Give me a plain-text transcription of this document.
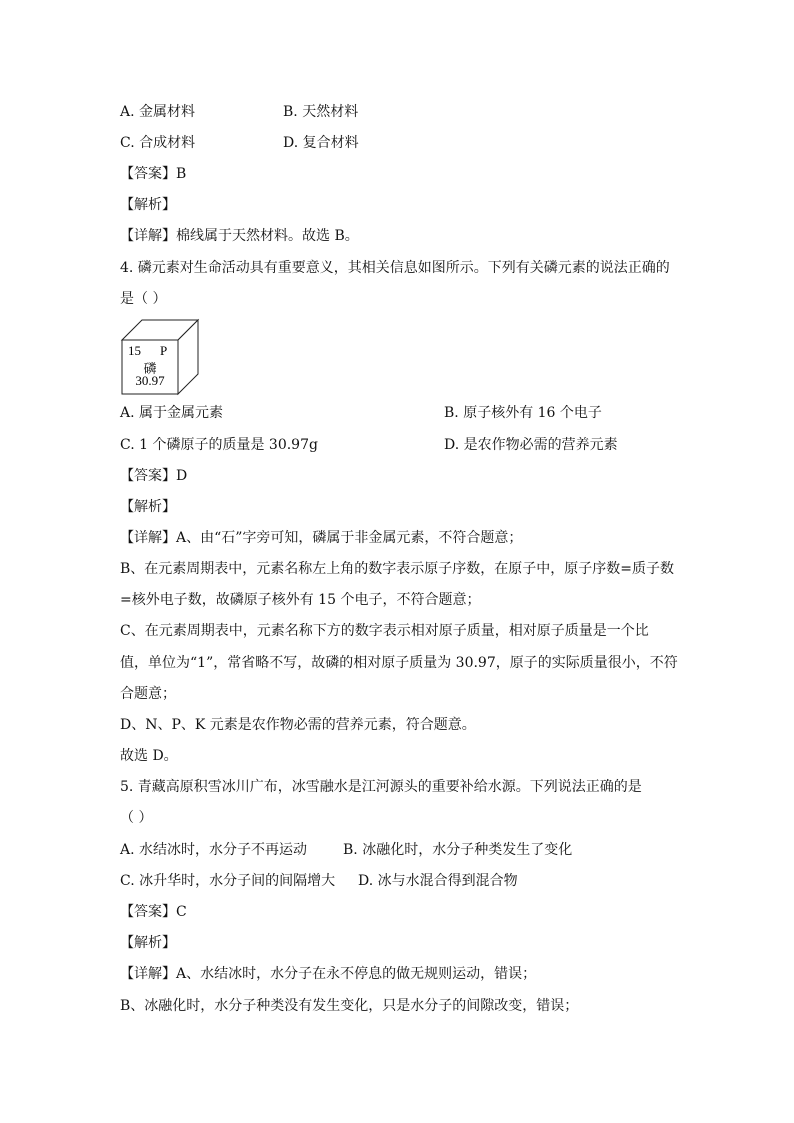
A. 金属材料	B. 天然材料
C. 合成材料	D. 复合材料
【答案】B
【解析】
【详解】棉线属于天然材料。故选 B。
4. 磷元素对生命活动具有重要意义，其相关信息如图所示。下列有关磷元素的说法正确的
是（ ）
15 P
磷
30.97
A. 属于金属元素	B. 原子核外有 16 个电子
C. 1 个磷原子的质量是 30.97g	D. 是农作物必需的营养元素
【答案】D
【解析】
【详解】A、由“石”字旁可知，磷属于非金属元素，不符合题意；
B、在元素周期表中，元素名称左上角的数字表示原子序数，在原子中，原子序数=质子数
=核外电子数，故磷原子核外有 15 个电子，不符合题意；
C、在元素周期表中，元素名称下方的数字表示相对原子质量，相对原子质量是一个比
值，单位为“1”，常省略不写，故磷的相对原子质量为 30.97，原子的实际质量很小，不符
合题意；
D、N、P、K 元素是农作物必需的营养元素，符合题意。
故选 D。
5. 青藏高原积雪冰川广布，冰雪融水是江河源头的重要补给水源。下列说法正确的是
（ ）
A. 水结冰时，水分子不再运动	B. 冰融化时，水分子种类发生了变化
C. 冰升华时，水分子间的间隔增大 D. 冰与水混合得到混合物
【答案】C
【解析】
【详解】A、水结冰时，水分子在永不停息的做无规则运动，错误；
B、冰融化时，水分子种类没有发生变化，只是水分子的间隙改变，错误；
